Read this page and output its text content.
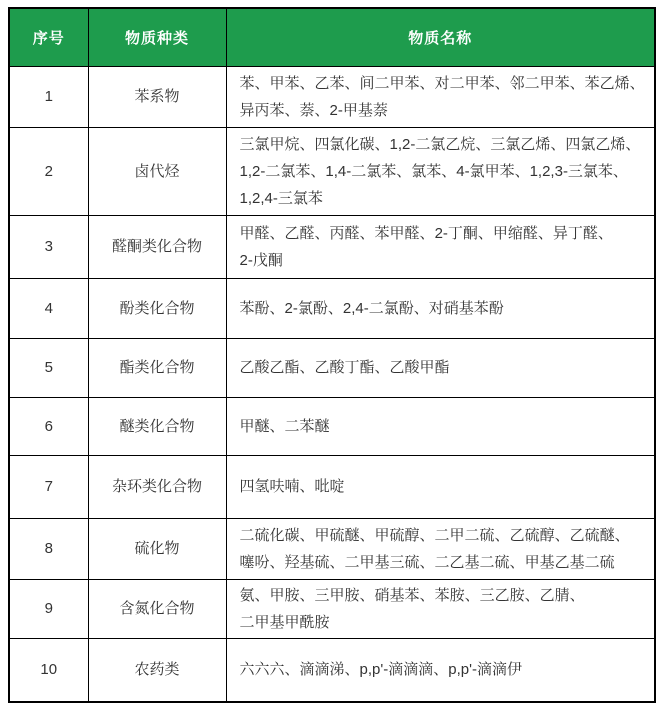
序号	物质种类	物质名称
1	苯系物	苯、甲苯、乙苯、间二甲苯、对二甲苯、邻二甲苯、苯乙烯、异丙苯、萘、2-甲基萘
2	卤代烃	三氯甲烷、四氯化碳、1,2-二氯乙烷、三氯乙烯、四氯乙烯、1,2-二氯苯、1,4-二氯苯、氯苯、4-氯甲苯、1,2,3-三氯苯、1,2,4-三氯苯
3	醛酮类化合物	甲醛、乙醛、丙醛、苯甲醛、2-丁酮、甲缩醛、异丁醛、2-戊酮
4	酚类化合物	苯酚、2-氯酚、2,4-二氯酚、对硝基苯酚
5	酯类化合物	乙酸乙酯、乙酸丁酯、乙酸甲酯
6	醚类化合物	甲醚、二苯醚
7	杂环类化合物	四氢呋喃、吡啶
8	硫化物	二硫化碳、甲硫醚、甲硫醇、二甲二硫、乙硫醇、乙硫醚、噻吩、羟基硫、二甲基三硫、二乙基二硫、甲基乙基二硫
9	含氮化合物	氨、甲胺、三甲胺、硝基苯、苯胺、三乙胺、乙腈、二甲基甲酰胺
10	农药类	六六六、滴滴涕、p,p'-滴滴滴、p,p'-滴滴伊
